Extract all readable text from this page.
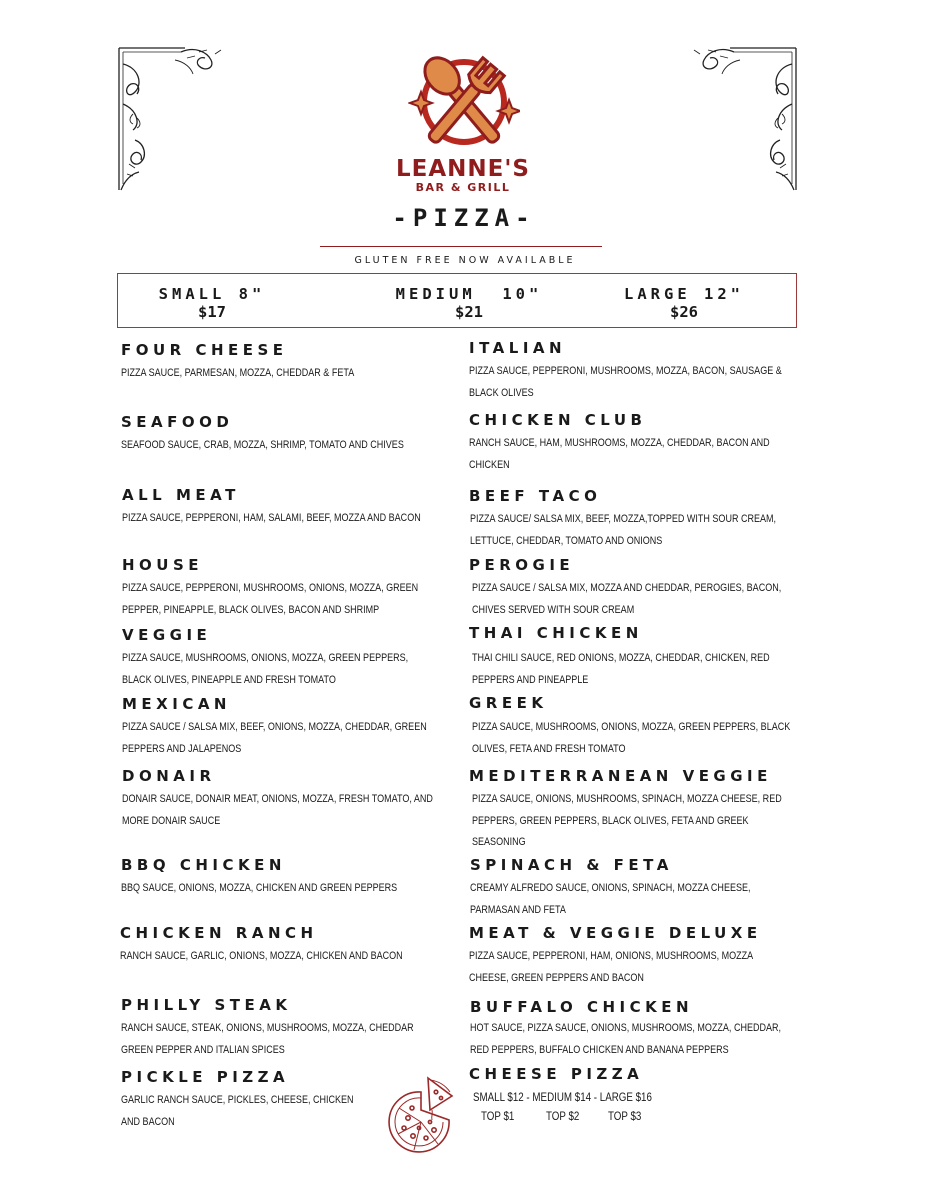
LEANNE'S
BAR & GRILL
-PIZZA-
GLUTEN FREE NOW AVAILABLE
SMALL 8"
$17
MEDIUM  10"
$21
LARGE 12"
$26
FOUR CHEESE
PIZZA SAUCE, PARMESAN, MOZZA, CHEDDAR & FETA
SEAFOOD
SEAFOOD SAUCE, CRAB, MOZZA, SHRIMP, TOMATO AND CHIVES
ALL MEAT
PIZZA SAUCE, PEPPERONI, HAM, SALAMI, BEEF, MOZZA AND BACON
HOUSE
PIZZA SAUCE, PEPPERONI, MUSHROOMS, ONIONS, MOZZA, GREEN PEPPER, PINEAPPLE, BLACK OLIVES, BACON AND SHRIMP
VEGGIE
PIZZA SAUCE, MUSHROOMS, ONIONS, MOZZA, GREEN PEPPERS, BLACK OLIVES, PINEAPPLE AND FRESH TOMATO
MEXICAN
PIZZA SAUCE / SALSA MIX, BEEF, ONIONS, MOZZA, CHEDDAR, GREEN PEPPERS AND JALAPENOS
DONAIR
DONAIR SAUCE, DONAIR MEAT, ONIONS, MOZZA, FRESH TOMATO, AND MORE DONAIR SAUCE
BBQ CHICKEN
BBQ SAUCE, ONIONS, MOZZA, CHICKEN AND GREEN PEPPERS
CHICKEN RANCH
RANCH SAUCE, GARLIC, ONIONS, MOZZA, CHICKEN AND BACON
PHILLY STEAK
RANCH SAUCE, STEAK, ONIONS, MUSHROOMS, MOZZA, CHEDDAR GREEN PEPPER AND ITALIAN SPICES
PICKLE PIZZA
GARLIC RANCH SAUCE, PICKLES, CHEESE, CHICKEN AND BACON
ITALIAN
PIZZA SAUCE, PEPPERONI, MUSHROOMS, MOZZA, BACON, SAUSAGE & BLACK OLIVES
CHICKEN CLUB
RANCH SAUCE, HAM, MUSHROOMS, MOZZA, CHEDDAR, BACON AND CHICKEN
BEEF TACO
PIZZA SAUCE/ SALSA MIX, BEEF, MOZZA,TOPPED WITH SOUR CREAM, LETTUCE, CHEDDAR, TOMATO AND ONIONS
PEROGIE
PIZZA SAUCE / SALSA MIX, MOZZA AND CHEDDAR, PEROGIES, BACON, CHIVES SERVED WITH SOUR CREAM
THAI CHICKEN
THAI CHILI SAUCE, RED ONIONS, MOZZA, CHEDDAR, CHICKEN, RED PEPPERS AND PINEAPPLE
GREEK
PIZZA SAUCE, MUSHROOMS, ONIONS, MOZZA, GREEN PEPPERS, BLACK OLIVES, FETA AND FRESH TOMATO
MEDITERRANEAN VEGGIE
PIZZA SAUCE, ONIONS, MUSHROOMS, SPINACH, MOZZA CHEESE, RED PEPPERS, GREEN PEPPERS, BLACK OLIVES, FETA AND GREEK SEASONING
SPINACH & FETA
CREAMY ALFREDO SAUCE, ONIONS, SPINACH, MOZZA CHEESE, PARMASAN AND FETA
MEAT & VEGGIE DELUXE
PIZZA SAUCE, PEPPERONI, HAM, ONIONS, MUSHROOMS, MOZZA CHEESE, GREEN PEPPERS AND BACON
BUFFALO CHICKEN
HOT SAUCE, PIZZA SAUCE, ONIONS, MUSHROOMS, MOZZA, CHEDDAR, RED PEPPERS, BUFFALO CHICKEN AND BANANA PEPPERS
CHEESE PIZZA
SMALL $12 - MEDIUM $14 - LARGE $16
TOP $1	TOP $2 TOP $3
